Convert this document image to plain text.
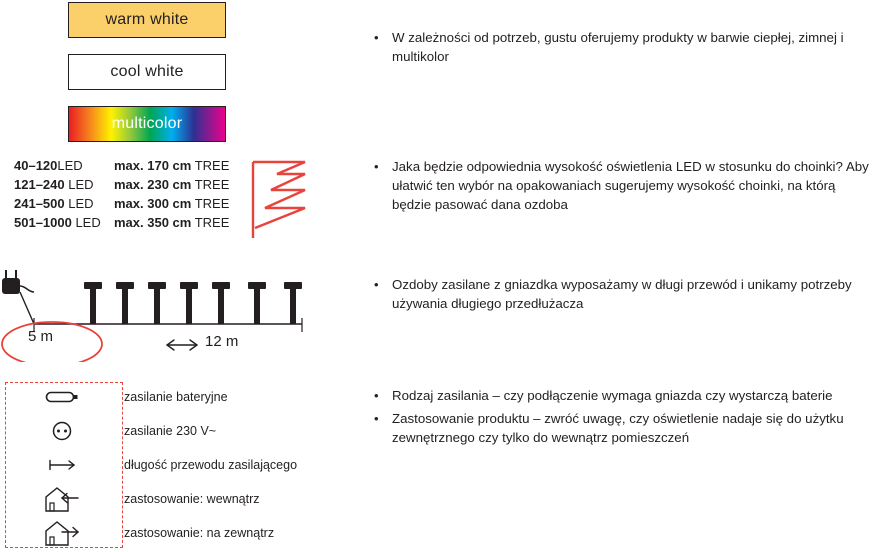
warm white
cool white
multicolor
40–120LED	max. 170 cm TREE
121–240 LED	max. 230 cm TREE
241–500 LED	max. 300 cm TREE
501–1000 LED	max. 350 cm TREE
5 m	12 m
zasilanie bateryjne
zasilanie 230 V~
długość przewodu zasilającego
zastosowanie: wewnątrz
zastosowanie: na zewnątrz
•	W zależności od potrzeb, gustu oferujemy produkty w barwie ciepłej, zimnej i multikolor
•	Jaka będzie odpowiednia wysokość oświetlenia LED w stosunku do choinki? Aby ułatwić ten wybór na opakowaniach sugerujemy wysokość choinki, na którą będzie pasować dana ozdoba
•	Ozdoby zasilane z gniazdka wyposażamy w długi przewód i unikamy potrzeby używania długiego przedłużacza
•	Rodzaj zasilania – czy podłączenie wymaga gniazda czy wystarczą baterie
•	Zastosowanie produktu – zwróć uwagę, czy oświetlenie nadaje się do użytku zewnętrznego czy tylko do wewnątrz pomieszczeń
